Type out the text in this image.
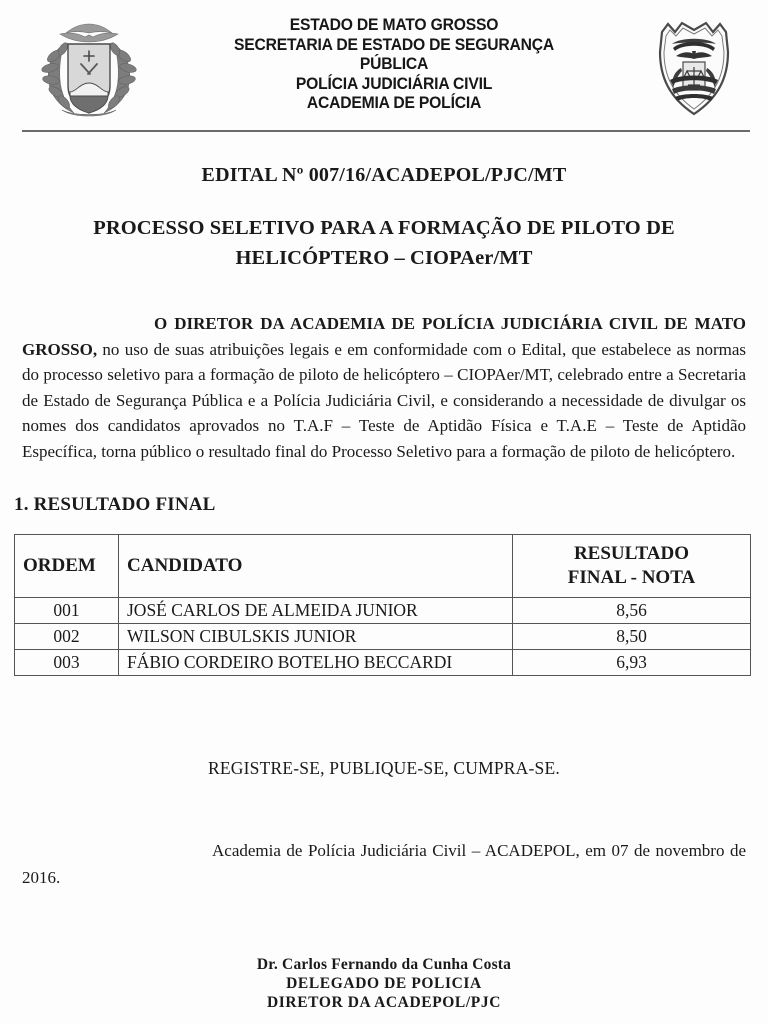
ESTADO DE MATO GROSSO
SECRETARIA DE ESTADO DE SEGURANÇA
PÚBLICA
POLÍCIA JUDICIÁRIA CIVIL
ACADEMIA DE POLÍCIA
EDITAL Nº 007/16/ACADEPOL/PJC/MT
PROCESSO SELETIVO PARA A FORMAÇÃO DE PILOTO DE
HELICÓPTERO – CIOPAer/MT

O DIRETOR DA ACADEMIA DE POLÍCIA JUDICIÁRIA CIVIL DE MATO GROSSO, no uso de suas atribuições legais e em conformidade com o Edital, que estabelece as normas do processo seletivo para a formação de piloto de helicóptero – CIOPAer/MT, celebrado entre a Secretaria de Estado de Segurança Pública e a Polícia Judiciária Civil, e considerando a necessidade de divulgar os nomes dos candidatos aprovados no T.A.F – Teste de Aptidão Física e T.A.E – Teste de Aptidão Específica, torna público o resultado final do Processo Seletivo para a formação de piloto de helicóptero.

1. RESULTADO FINAL
ORDEM	CANDIDATO	RESULTADO
FINAL - NOTA

001	JOSÉ CARLOS DE ALMEIDA JUNIOR	8,56
002	WILSON CIBULSKIS JUNIOR	8,50
003	FÁBIO CORDEIRO BOTELHO BECCARDI	6,93
REGISTRE-SE, PUBLIQUE-SE, CUMPRA-SE.

Academia de Polícia Judiciária Civil – ACADEPOL, em 07 de novembro de 2016.

Dr. Carlos Fernando da Cunha Costa
DELEGADO DE POLICIA
DIRETOR DA ACADEPOL/PJC
